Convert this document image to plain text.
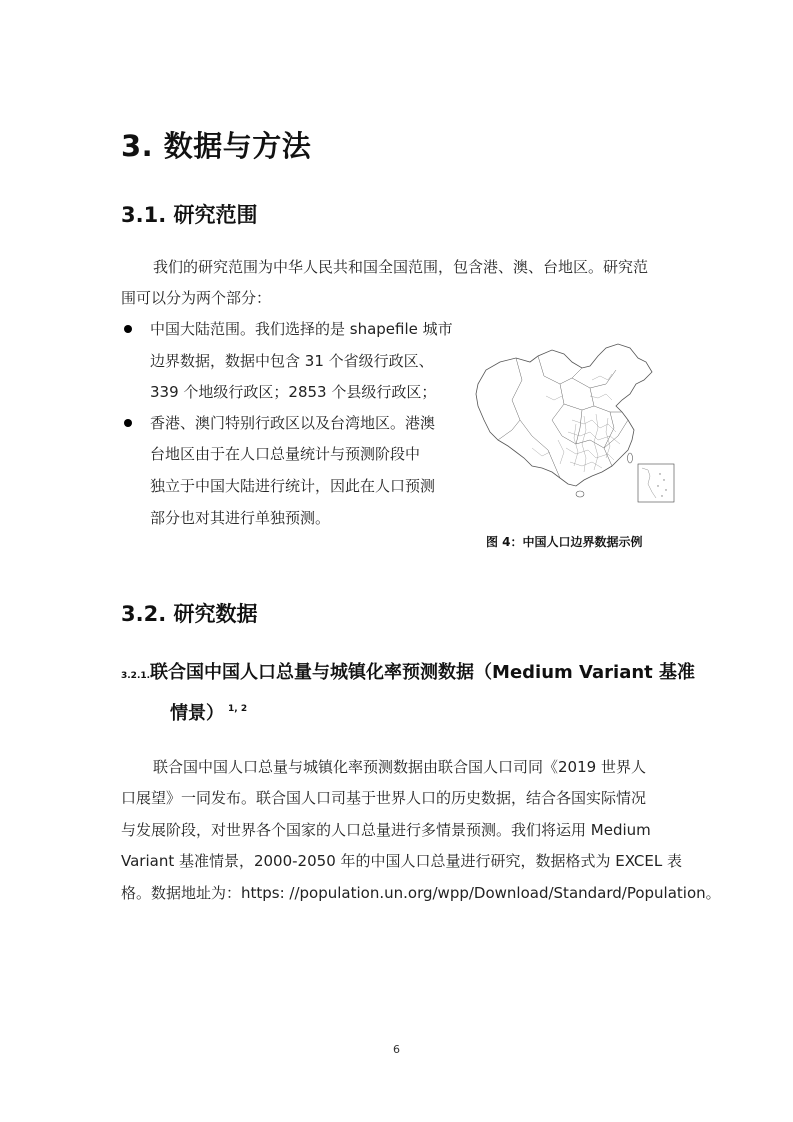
3. 数据与方法
3.1. 研究范围
我们的研究范围为中华人民共和国全国范围，包含港、澳、台地区。研究范
围可以分为两个部分：
中国大陆范围。我们选择的是 shapefile 城市
边界数据，数据中包含 31 个省级行政区、
339 个地级行政区；2853 个县级行政区；
香港、澳门特别行政区以及台湾地区。港澳
台地区由于在人口总量统计与预测阶段中
独立于中国大陆进行统计，因此在人口预测
部分也对其进行单独预测。
图 4：中国人口边界数据示例
3.2. 研究数据
3.2.1.联合国中国人口总量与城镇化率预测数据（Medium Variant 基准
情景） $^{1, 2}$
联合国中国人口总量与城镇化率预测数据由联合国人口司同《2019 世界人
口展望》一同发布。联合国人口司基于世界人口的历史数据，结合各国实际情况
与发展阶段，对世界各个国家的人口总量进行多情景预测。我们将运用 Medium
Variant 基准情景，2000-2050 年的中国人口总量进行研究，数据格式为 EXCEL 表
格。数据地址为：https: //population.un.org/wpp/Download/Standard/Population。
6
